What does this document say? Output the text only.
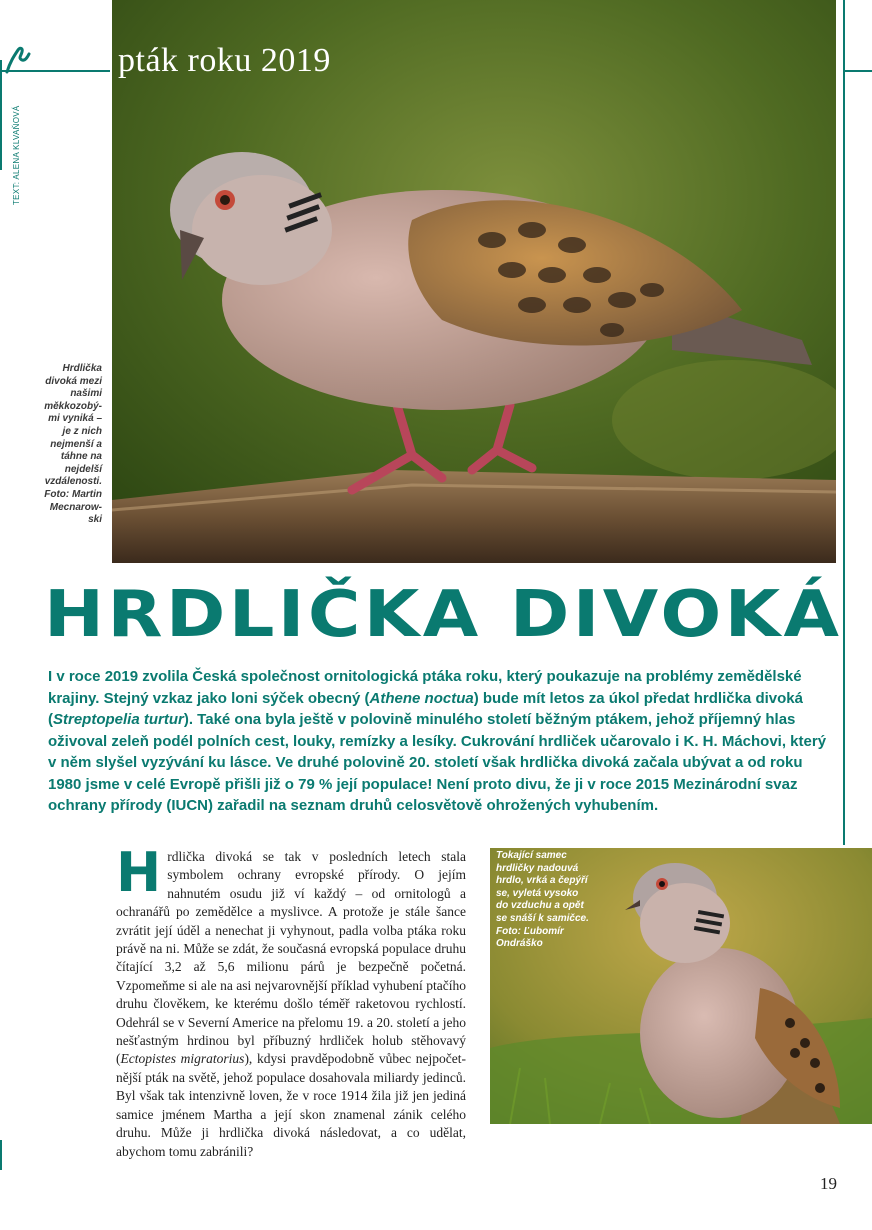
TEXT: ALENA KLVAŇOVÁ
pták roku 2019
Hrdlička divoká mezi našimi měkkozobý-mi vyniká – je z nich nejmenší a táhne na nejdelší vzdálenosti. Foto: Martin Mecnarow-ski
HRDLIČKA DIVOKÁ
I v roce 2019 zvolila Česká společnost ornitologická ptáka roku, který poukazuje na problémy zemědělské krajiny. Stejný vzkaz jako loni sýček obecný (Athene noctua) bude mít letos za úkol předat hrdlička divoká (Streptopelia turtur). Také ona byla ještě v polovině minulého století běžným ptákem, jehož příjemný hlas oživoval zeleň podél polních cest, louky, remízky a lesíky. Cukrování hrdliček učarovalo i K. H. Máchovi, který v něm slyšel vyzývání ku lásce. Ve druhé polovině 20. století však hrdlička divoká začala ubývat a od roku 1980 jsme v celé Evropě přišli již o 79 % její populace! Není proto divu, že ji v roce 2015 Mezinárodní svaz ochrany přírody (IUCN) zařadil na seznam druhů celosvětově ohrožených vyhubením.
Hrdlička divoká se tak v posledních letech stala symbolem ochrany evropské přírody. O jejím nahnutém osudu již ví každý – od ornitologů a ochranářů po zemědělce a myslivce. A protože je stále šance zvrátit její úděl a nenechat ji vyhynout, padla volba ptáka roku právě na ni. Může se zdát, že současná evropská populace druhu čítající 3,2 až 5,6 milionu párů je bezpečně početná. Vzpomeňme si ale na asi nejvarovnější příklad vyhubení ptačího druhu člověkem, ke kterému došlo téměř raketovou rychlostí. Odehrál se v Severní Americe na přelomu 19. a 20. století a jeho nešťastným hrdinou byl příbuzný hrdliček holub stěhovavý (Ectopistes migratorius), kdysi pravděpodobně vůbec nejpočet-nější pták na světě, jehož populace dosahovala miliardy jedinců. Byl však tak intenzivně loven, že v roce 1914 žila již jen jediná samice jménem Martha a její skon znamenal zánik celého druhu. Může ji hrdlička divoká následovat, a co udělat, abychom tomu zabránili?
Tokající samec hrdličky nadouvá hrdlo, vrká a čepýří se, vyletá vysoko do vzduchu a opět se snáší k samičce. Foto: Ľubomír Ondráško
19
